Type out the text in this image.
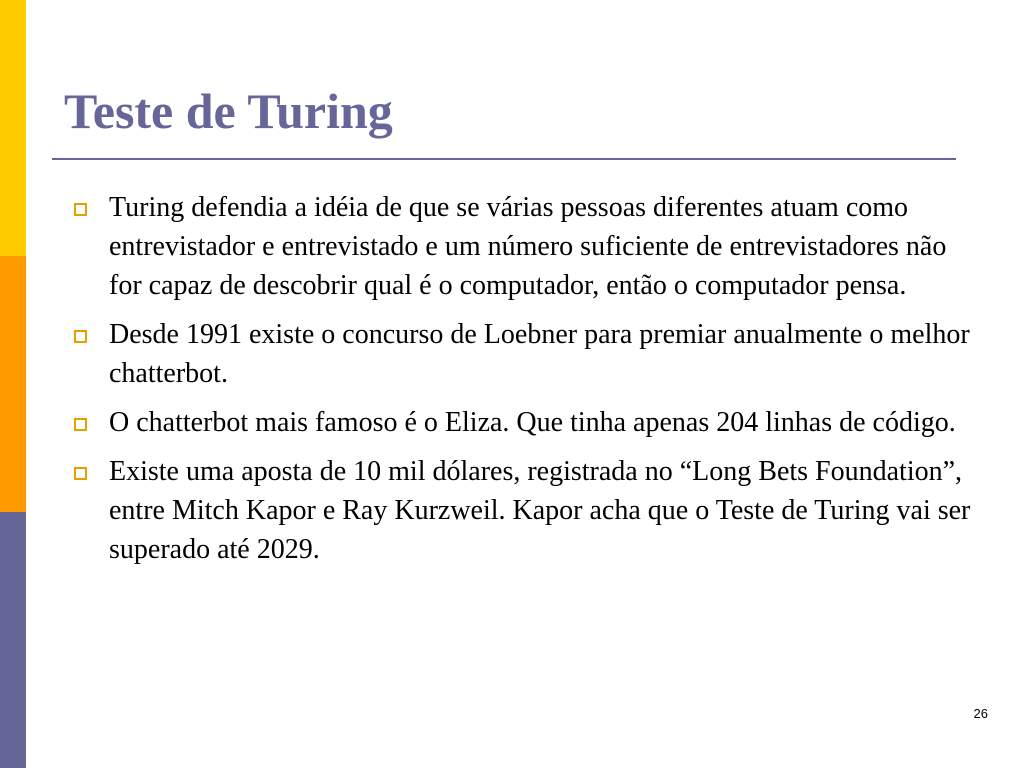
Teste de Turing
Turing defendia a idéia de que se várias pessoas diferentes atuam como entrevistador e entrevistado e um número suficiente de entrevistadores não for capaz de descobrir qual é o computador, então o computador pensa.
Desde 1991 existe o concurso de Loebner para premiar anualmente o melhor chatterbot.
O chatterbot mais famoso é o Eliza. Que tinha apenas 204 linhas de código.
Existe uma aposta de 10 mil dólares, registrada no “Long Bets Foundation”, entre Mitch Kapor e Ray Kurzweil. Kapor acha que o Teste de Turing vai ser superado até 2029.
26
